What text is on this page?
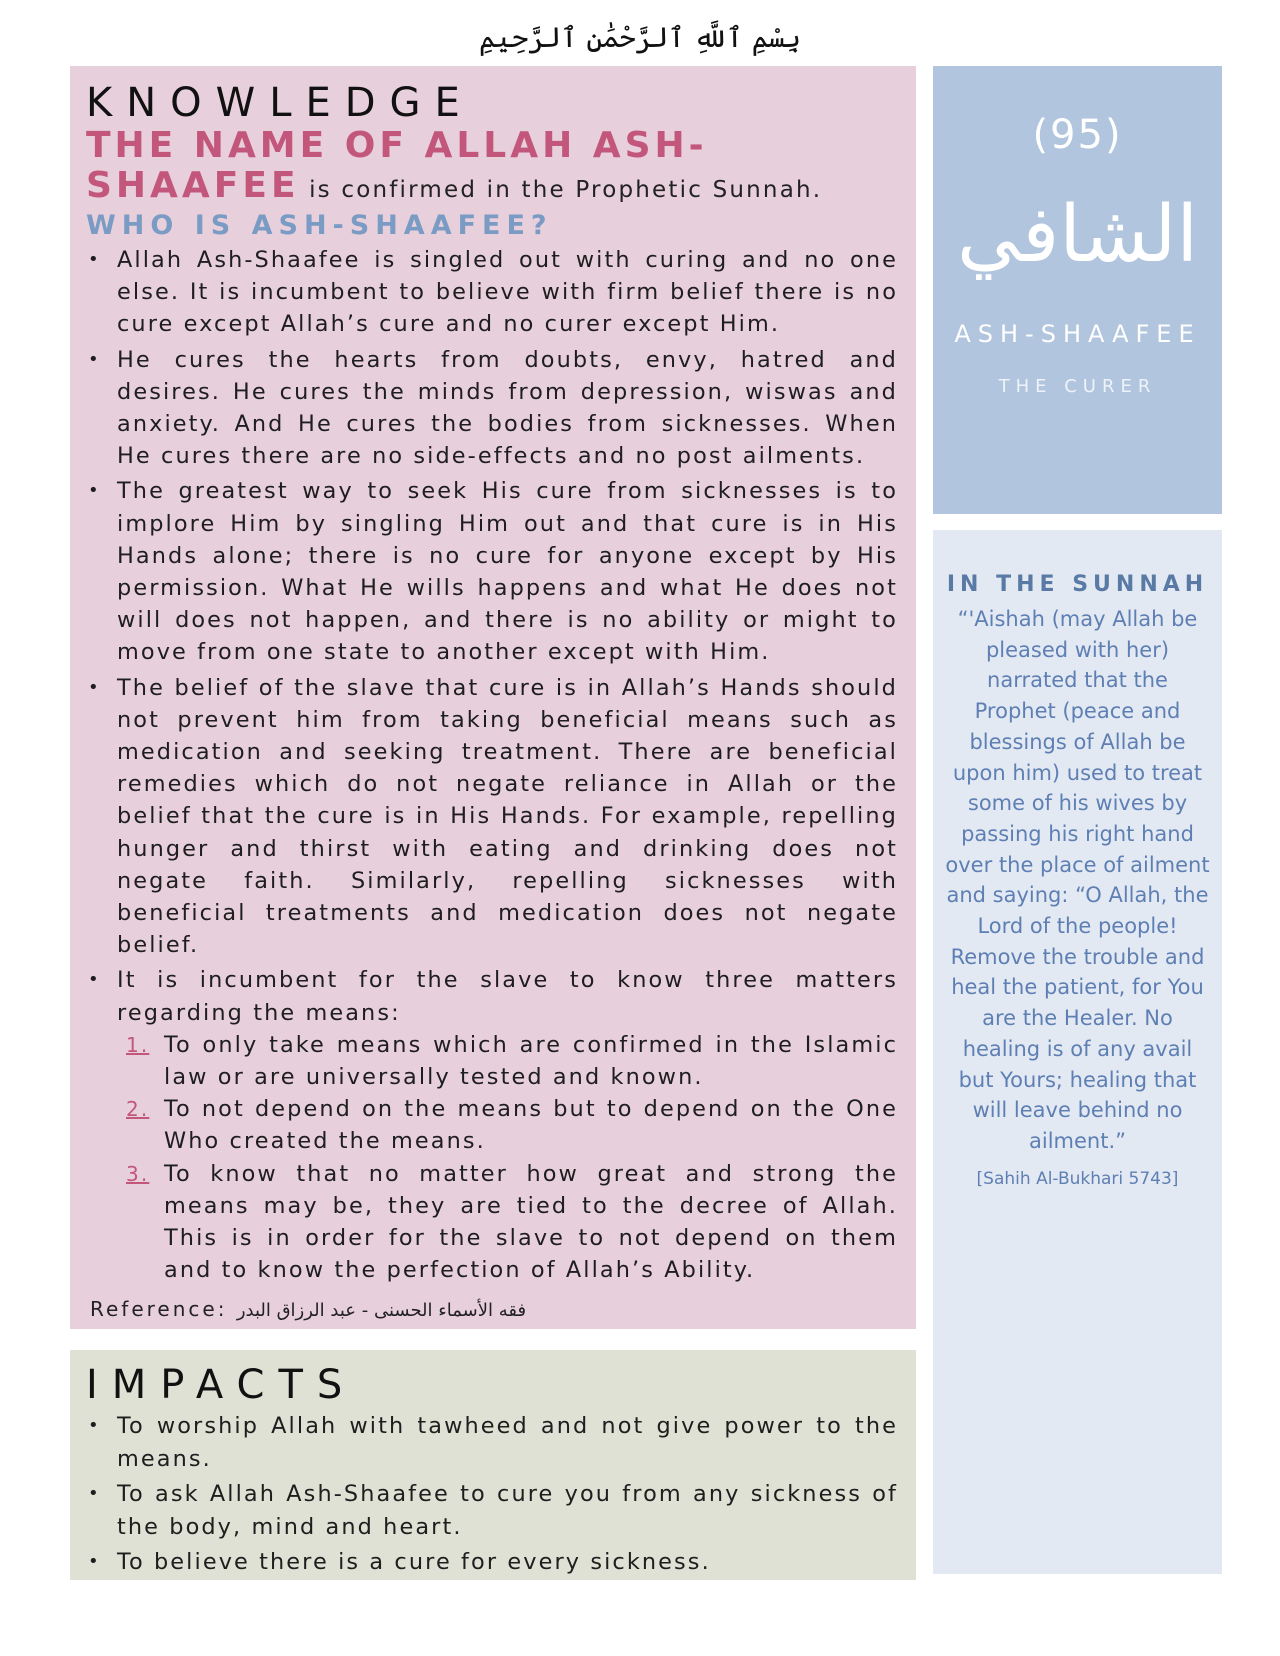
بِسْمِ ٱللَّهِ ٱلرَّحْمَٰنِ ٱلرَّحِيمِ
KNOWLEDGE
THE NAME OF ALLAH ASH-SHAAFEE is confirmed in the Prophetic Sunnah.
WHO IS ASH-SHAAFEE?
• Allah Ash-Shaafee is singled out with curing and no one else. It is incumbent to believe with firm belief there is no cure except Allah’s cure and no curer except Him.
• He cures the hearts from doubts, envy, hatred and desires. He cures the minds from depression, wiswas and anxiety. And He cures the bodies from sicknesses. When He cures there are no side-effects and no post ailments.
• The greatest way to seek His cure from sicknesses is to implore Him by singling Him out and that cure is in His Hands alone; there is no cure for anyone except by His permission. What He wills happens and what He does not will does not happen, and there is no ability or might to move from one state to another except with Him.
• The belief of the slave that cure is in Allah’s Hands should not prevent him from taking beneficial means such as medication and seeking treatment. There are beneficial remedies which do not negate reliance in Allah or the belief that the cure is in His Hands. For example, repelling hunger and thirst with eating and drinking does not negate faith. Similarly, repelling sicknesses with beneficial treatments and medication does not negate belief.
• It is incumbent for the slave to know three matters regarding the means:
1. To only take means which are confirmed in the Islamic law or are universally tested and known.
2. To not depend on the means but to depend on the One Who created the means.
3. To know that no matter how great and strong the means may be, they are tied to the decree of Allah. This is in order for the slave to not depend on them and to know the perfection of Allah’s Ability.
Reference: فقه الأسماء الحسنى - عبد الرزاق البدر
IMPACTS
• To worship Allah with tawheed and not give power to the means.
• To ask Allah Ash-Shaafee to cure you from any sickness of the body, mind and heart.
• To believe there is a cure for every sickness.
(95)
الشافي
ASH-SHAAFEE
THE CURER
IN THE SUNNAH
“'Aishah (may Allah be pleased with her) narrated that the Prophet (peace and blessings of Allah be upon him) used to treat some of his wives by passing his right hand over the place of ailment and saying: “O Allah, the Lord of the people! Remove the trouble and heal the patient, for You are the Healer. No healing is of any avail but Yours; healing that will leave behind no ailment.”
[Sahih Al-Bukhari 5743]
